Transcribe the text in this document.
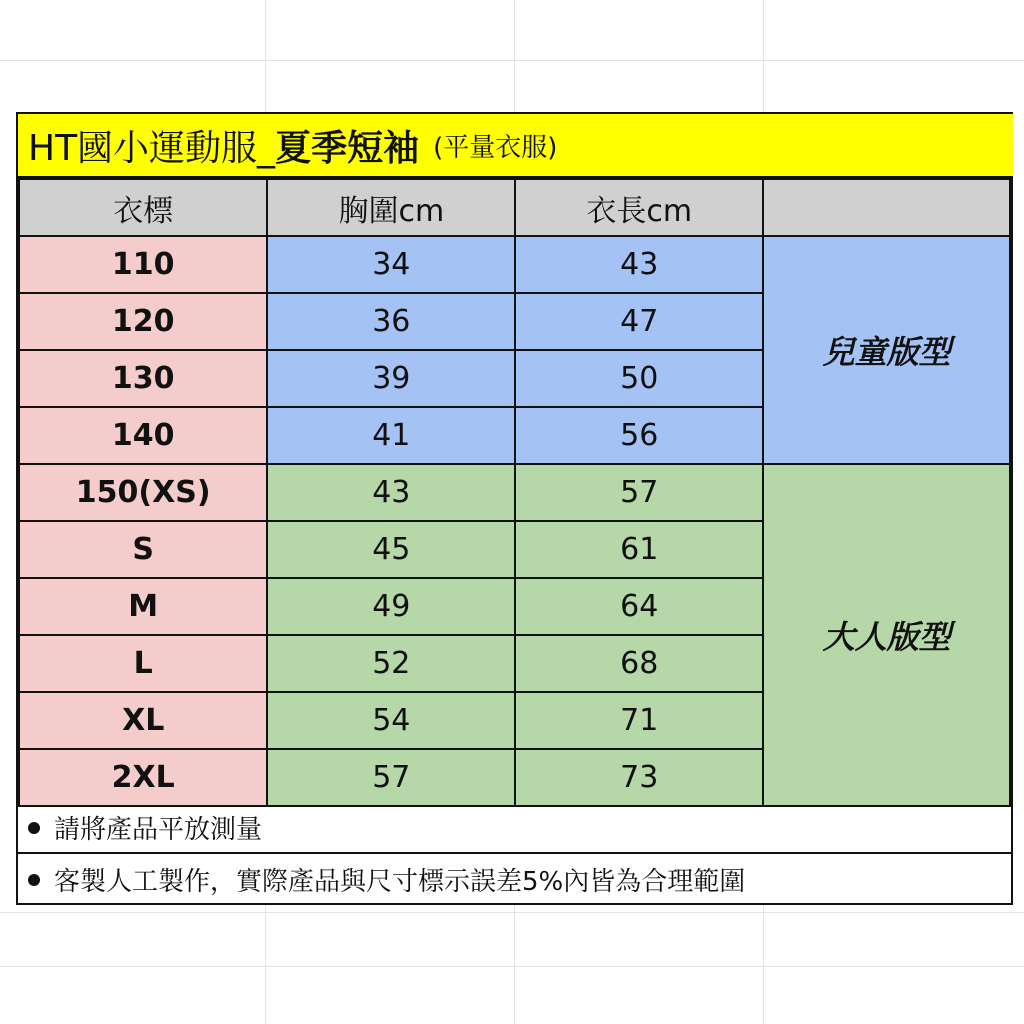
HT國小運動服_ 夏季短袖 (平量衣服)
衣標	胸圍cm	衣長cm	
110	34	43	兒童版型
120	36	47	
130	39	50	
140	41	56	
150(XS)	43	57	大人版型
S	45	61	
M	49	64	
L	52	68	
XL	54	71	
2XL	57	73	
請將產品平放測量
客製人工製作，實際產品與尺寸標示誤差5%內皆為合理範圍
